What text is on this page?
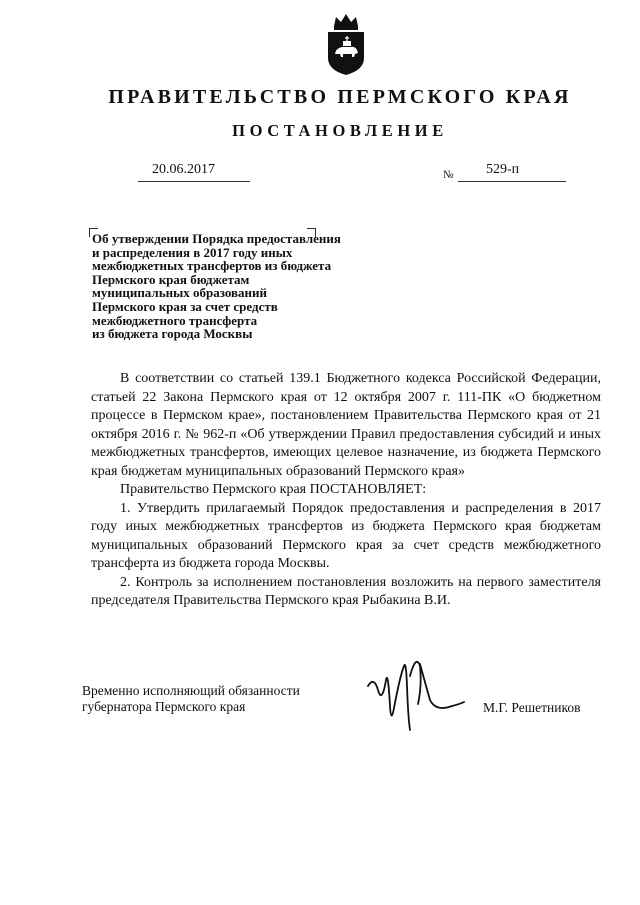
ПРАВИТЕЛЬСТВО ПЕРМСКОГО КРАЯ
ПОСТАНОВЛЕНИЕ
20.06.2017	№	529-п
Об утверждении Порядка предоставления
и распределения в 2017 году иных
межбюджетных трансфертов из бюджета
Пермского края бюджетам
муниципальных образований
Пермского края за счет средств
межбюджетного трансферта
из бюджета города Москвы

В соответствии со статьей 139.1 Бюджетного кодекса Российской Федерации, статьей 22 Закона Пермского края от 12 октября 2007 г. 111-ПК «О бюджетном процессе в Пермском крае», постановлением Правительства Пермского края от 21 октября 2016 г. № 962-п «Об утверждении Правил предоставления субсидий и иных межбюджетных трансфертов, имеющих целевое назначение, из бюджета Пермского края бюджетам муниципальных образований Пермского края»

Правительство Пермского края ПОСТАНОВЛЯЕТ:

1. Утвердить прилагаемый Порядок предоставления и распределения в 2017 году иных межбюджетных трансфертов из бюджета Пермского края бюджетам муниципальных образований Пермского края за счет средств межбюджетного трансферта из бюджета города Москвы.

2. Контроль за исполнением постановления возложить на первого заместителя председателя Правительства Пермского края Рыбакина В.И.

Временно исполняющий обязанности
губернатора Пермского края	М.Г. Решетников
